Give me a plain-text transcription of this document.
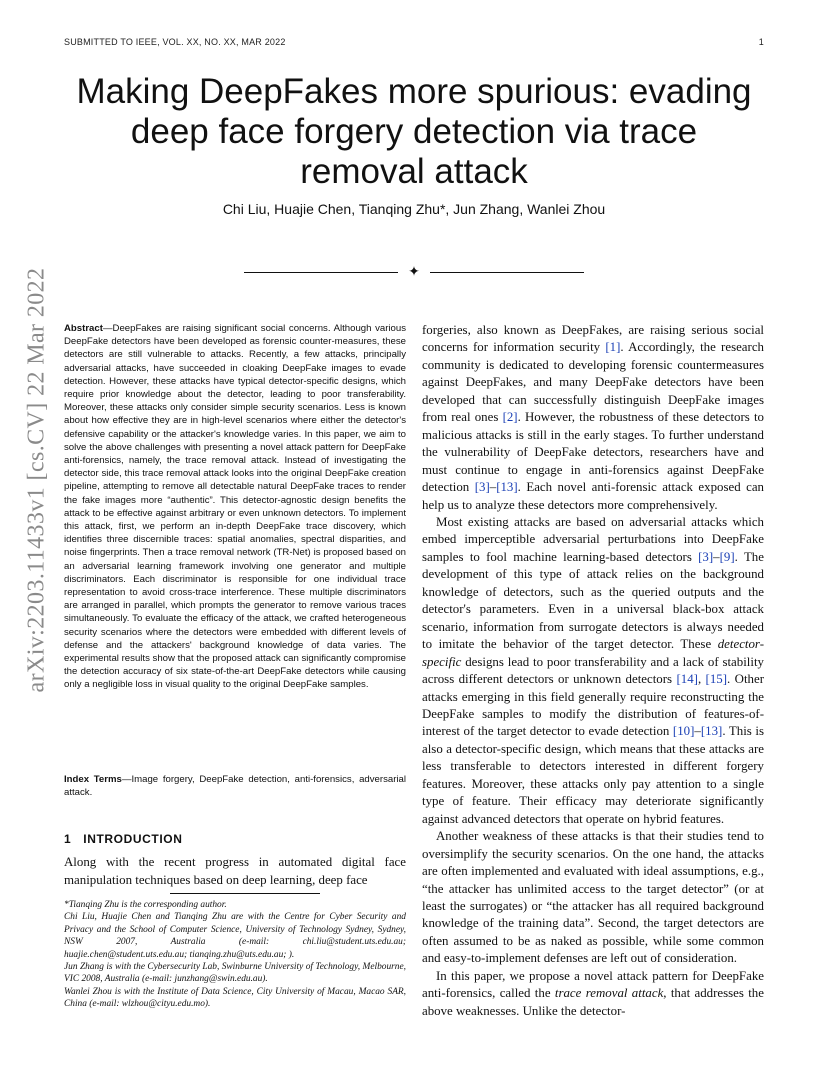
SUBMITTED TO IEEE, VOL. XX, NO. XX, MAR 2022	1
arXiv:2203.11433v1 [cs.CV] 22 Mar 2022
Making DeepFakes more spurious: evading deep face forgery detection via trace removal attack
Chi Liu, Huajie Chen, Tianqing Zhu*, Jun Zhang, Wanlei Zhou
✦

Abstract—DeepFakes are raising significant social concerns. Although various DeepFake detectors have been developed as forensic counter-measures, these detectors are still vulnerable to attacks. Recently, a few attacks, principally adversarial attacks, have succeeded in cloaking DeepFake images to evade detection. However, these attacks have typical detector-specific designs, which require prior knowledge about the detector, leading to poor transferability. Moreover, these attacks only consider simple security scenarios. Less is known about how effective they are in high-level scenarios where either the detector's defensive capability or the attacker's knowledge varies. In this paper, we aim to solve the above challenges with presenting a novel attack pattern for DeepFake anti-forensics, namely, the trace removal attack. Instead of investigating the detector side, this trace removal attack looks into the original DeepFake creation pipeline, attempting to remove all detectable natural DeepFake traces to render the fake images more “authentic”. This detector-agnostic design benefits the attack to be effective against arbitrary or even unknown detectors. To implement this attack, first, we perform an in-depth DeepFake trace discovery, which identifies three discernible traces: spatial anomalies, spectral disparities, and noise fingerprints. Then a trace removal network (TR-Net) is proposed based on an adversarial learning framework involving one generator and multiple discriminators. Each discriminator is responsible for one individual trace representation to avoid cross-trace interference. These multiple discriminators are arranged in parallel, which prompts the generator to remove various traces simultaneously. To evaluate the efficacy of the attack, we crafted heterogeneous security scenarios where the detectors were embedded with different levels of defense and the attackers' background knowledge of data varies. The experimental results show that the proposed attack can significantly compromise the detection accuracy of six state-of-the-art DeepFake detectors while causing only a negligible loss in visual quality to the original DeepFake samples.

Index Terms—Image forgery, DeepFake detection, anti-forensics, adversarial attack.

1 INTRODUCTION

Along with the recent progress in automated digital face manipulation techniques based on deep learning, deep face

*Tianqing Zhu is the corresponding author.

Chi Liu, Huajie Chen and Tianqing Zhu are with the Centre for Cyber Security and Privacy and the School of Computer Science, University of Technology Sydney, Sydney, NSW 2007, Australia (e-mail: chi.liu@student.uts.edu.au; huajie.chen@student.uts.edu.au; tianqing.zhu@uts.edu.au; ).

Jun Zhang is with the Cybersecurity Lab, Swinburne University of Technology, Melbourne, VIC 2008, Australia (e-mail: junzhang@swin.edu.au).

Wanlei Zhou is with the Institute of Data Science, City University of Macau, Macao SAR, China (e-mail: wlzhou@cityu.edu.mo).

forgeries, also known as DeepFakes, are raising serious social concerns for information security [1]. Accordingly, the research community is dedicated to developing forensic countermeasures against DeepFakes, and many DeepFake detectors have been developed that can successfully distinguish DeepFake images from real ones [2]. However, the robustness of these detectors to malicious attacks is still in the early stages. To further understand the vulnerability of DeepFake detectors, researchers have and must continue to engage in anti-forensics against DeepFake detection [3]–[13]. Each novel anti-forensic attack exposed can help us to analyze these detectors more comprehensively.

Most existing attacks are based on adversarial attacks which embed imperceptible adversarial perturbations into DeepFake samples to fool machine learning-based detectors [3]–[9]. The development of this type of attack relies on the background knowledge of detectors, such as the queried outputs and the detector's parameters. Even in a universal black-box attack scenario, information from surrogate detectors is always needed to imitate the behavior of the target detector. These detector-specific designs lead to poor transferability and a lack of stability across different detectors or unknown detectors [14], [15]. Other attacks emerging in this field generally require reconstructing the DeepFake samples to modify the distribution of features-of-interest of the target detector to evade detection [10]–[13]. This is also a detector-specific design, which means that these attacks are less transferable to detectors interested in different forgery features. Moreover, these attacks only pay attention to a single type of feature. Their efficacy may deteriorate significantly against advanced detectors that operate on hybrid features.

Another weakness of these attacks is that their studies tend to oversimplify the security scenarios. On the one hand, the attacks are often implemented and evaluated with ideal assumptions, e.g., “the attacker has unlimited access to the target detector” (or at least the surrogates) or “the attacker has all required background knowledge of the training data”. Second, the target detectors are often assumed to be as naked as possible, while some common and easy-to-implement defenses are left out of consideration.

In this paper, we propose a novel attack pattern for DeepFake anti-forensics, called the trace removal attack, that addresses the above weaknesses. Unlike the detector-
